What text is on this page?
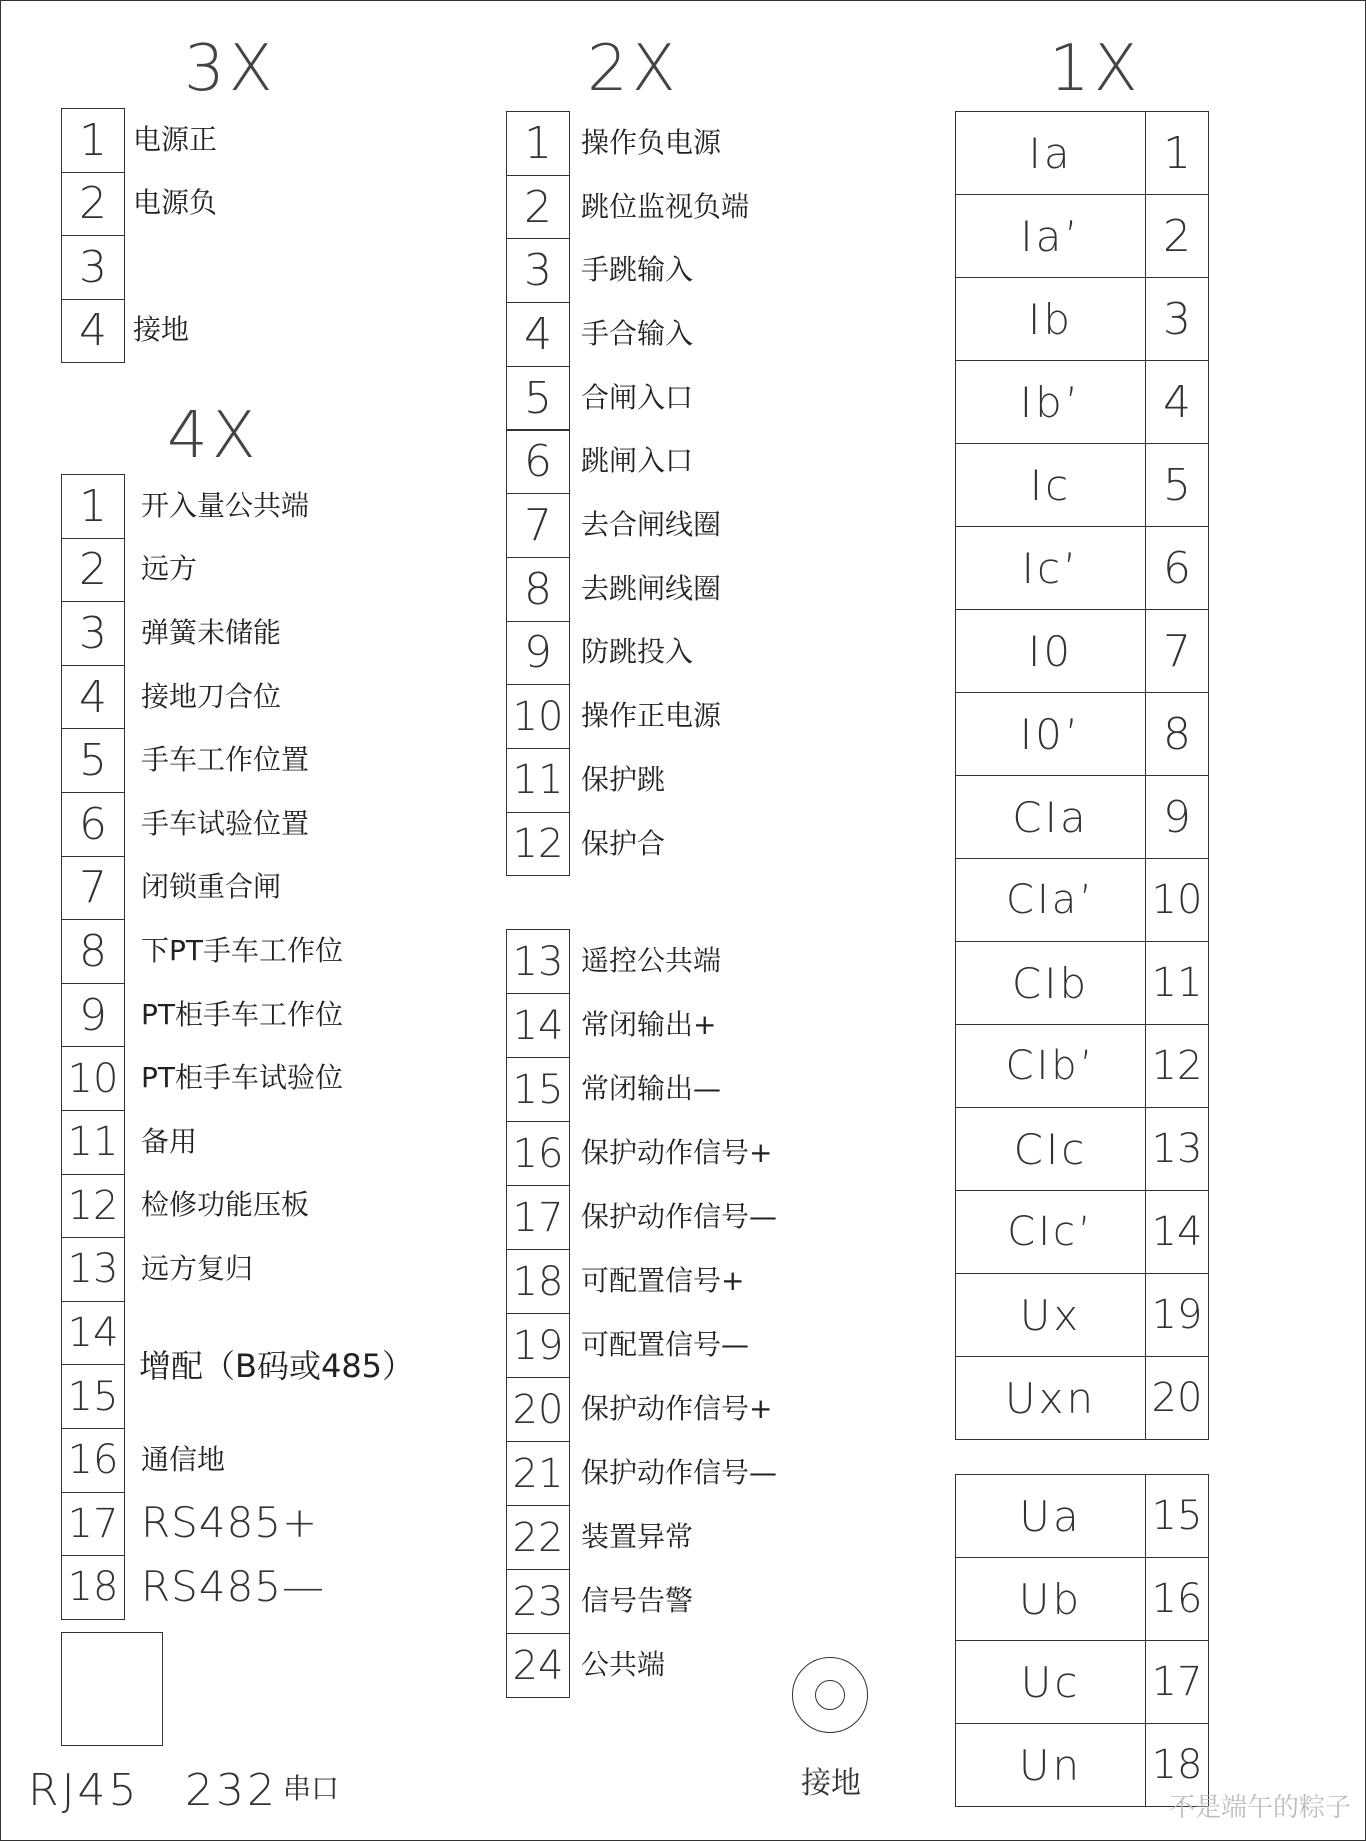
3X	2X	1X
4X
1 电源正
2 电源负
3
4 接地
1	开入量公共端
2	远方
3	弹簧未储能
4	接地刀合位
5	手车工作位置
6	手车试验位置
7	闭锁重合闸
8	下PT手车工作位
9	PT柜手车工作位
10 PT柜手车试验位
11 备用
12 检修功能压板
13 远方复归
14
15
16 通信地
17 RS485+
18 RS485—
1	操作负电源
2	跳位监视负端
3	手跳输入
4	手合输入
5	合闸入口
6	跳闸入口
7	去合闸线圈
8	去跳闸线圈
9	防跳投入
10 操作正电源
11 保护跳
12 保护合
13 遥控公共端
14 常闭输出+
15 常闭输出—
16 保护动作信号+
17 保护动作信号—
18 可配置信号+
19 可配置信号—
20 保护动作信号+
21 保护动作信号—
22 装置异常
23 信号告警
24 公共端
Ia	1
Ia’	2
Ib	3
Ib’	4
Ic	5
Ic’	6
I0	7
I0’	8
CIa	9
CIa’	10
CIb	11
CIb’	12
CIc	13
CIc’	14
Ux	19
Uxn	20
Ua	15
Ub	16
Uc	17
Un	18
增配（B码或485）
RJ45 232 串口	接地
不是端午的粽子
